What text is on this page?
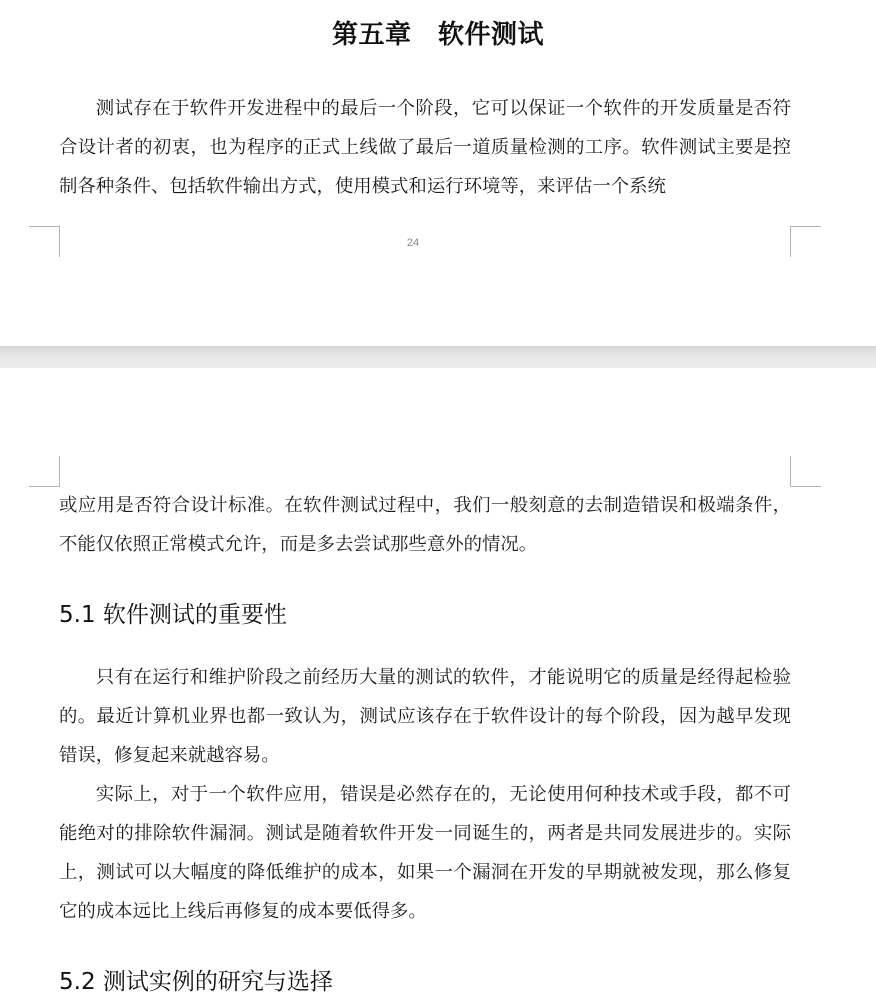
第五章　软件测试

测试存在于软件开发进程中的最后一个阶段，它可以保证一个软件的开发质量是否符合设计者的初衷，也为程序的正式上线做了最后一道质量检测的工序。软件测试主要是控制各种条件、包括软件输出方式，使用模式和运行环境等，来评估一个系统

24

或应用是否符合设计标准。在软件测试过程中，我们一般刻意的去制造错误和极端条件，不能仅依照正常模式允许，而是多去尝试那些意外的情况。

5.1 软件测试的重要性

只有在运行和维护阶段之前经历大量的测试的软件，才能说明它的质量是经得起检验的。最近计算机业界也都一致认为，测试应该存在于软件设计的每个阶段，因为越早发现错误，修复起来就越容易。

实际上，对于一个软件应用，错误是必然存在的，无论使用何种技术或手段，都不可能绝对的排除软件漏洞。测试是随着软件开发一同诞生的，两者是共同发展进步的。实际上，测试可以大幅度的降低维护的成本，如果一个漏洞在开发的早期就被发现，那么修复它的成本远比上线后再修复的成本要低得多。

5.2 测试实例的研究与选择
